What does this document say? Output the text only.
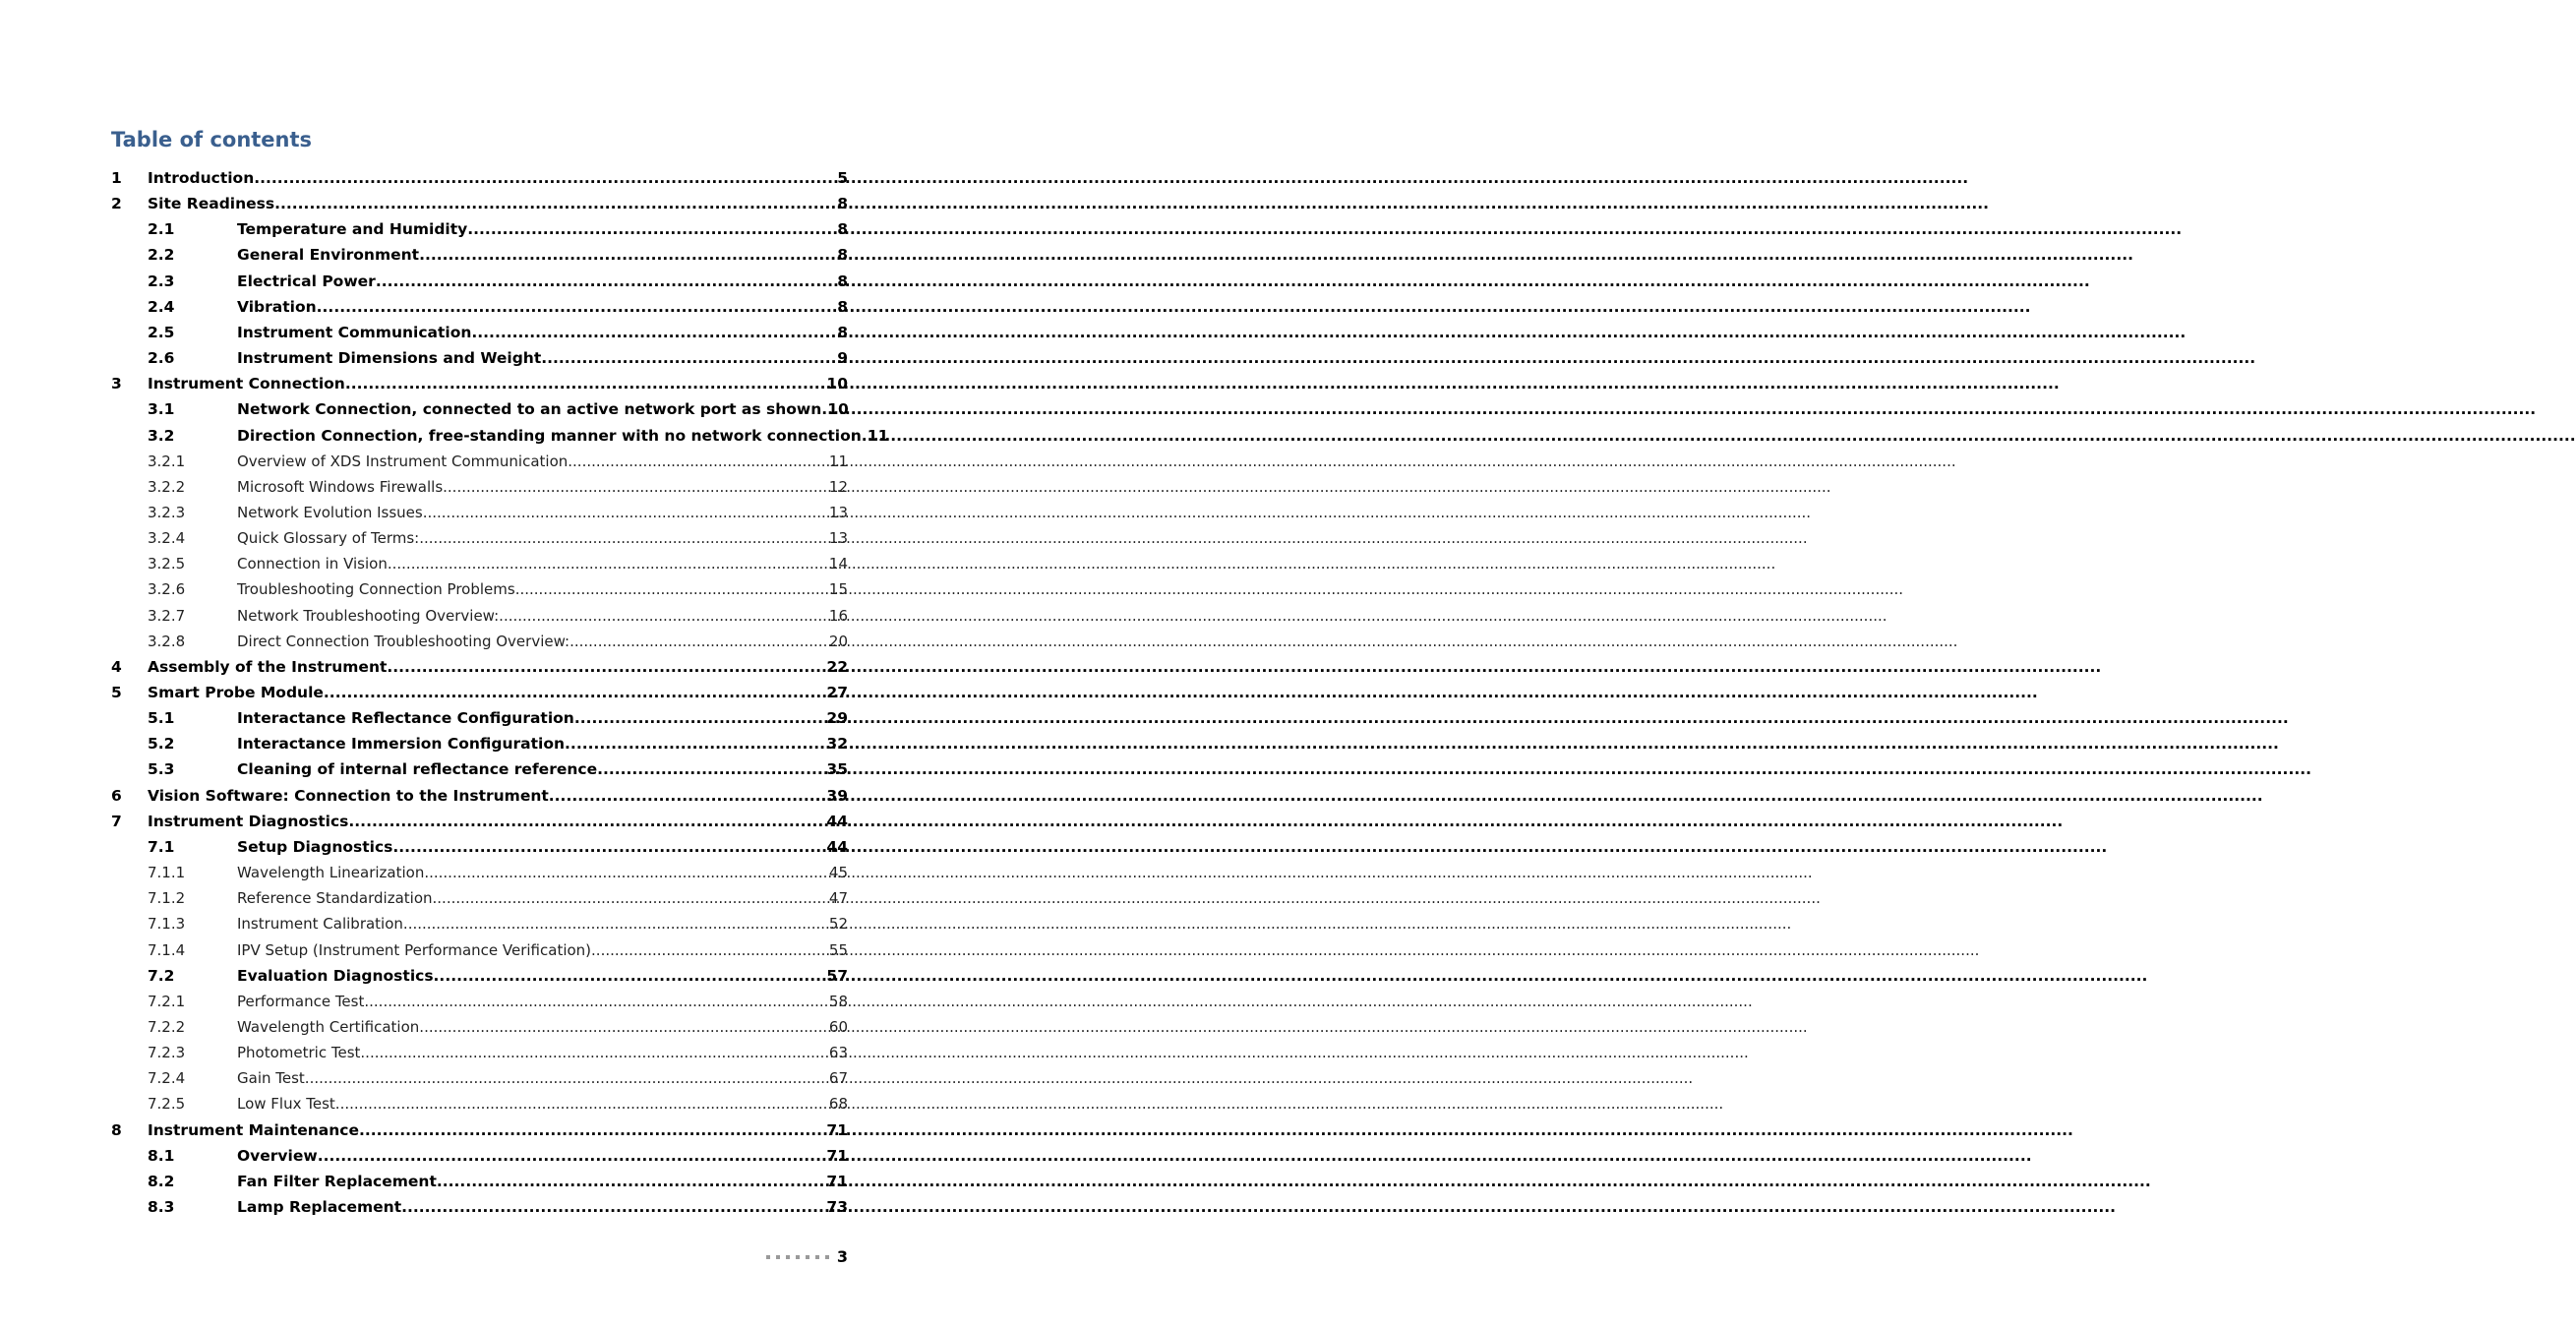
Table of contents
1 Introduction .....	5
2 Site Readiness .....	8
2.1	Temperature and Humidity .....	8
2.2	General Environment .....	8
2.3	Electrical Power .....	8
2.4	Vibration .....	8
2.5	Instrument Communication .....	8
2.6	Instrument Dimensions and Weight .....	9
3 Instrument Connection .....	10
3.1	Network Connection, connected to an active network port as shown ..... 10
3.2	Direction Connection, free-standing manner with no network connection ..... 11
3.2.1	Overview of XDS Instrument Communication .....	11
3.2.2	Microsoft Windows Firewalls .....	12
3.2.3	Network Evolution Issues .....	13
3.2.4	Quick Glossary of Terms: .....	13
3.2.5	Connection in Vision .....	14
3.2.6	Troubleshooting Connection Problems .....	15
3.2.7	Network Troubleshooting Overview: .....	16
3.2.8	Direct Connection Troubleshooting Overview: .....	20
4 Assembly of the Instrument .....	22
5 Smart Probe Module .....	27
5.1	Interactance Reflectance Configuration .....	29
5.2	Interactance Immersion Configuration .....	32
5.3	Cleaning of internal reflectance reference .....	35
6 Vision Software: Connection to the Instrument .....	39
7 Instrument Diagnostics .....	44
7.1	Setup Diagnostics .....	44
7.1.1	Wavelength Linearization .....	45
7.1.2	Reference Standardization .....	47
7.1.3	Instrument Calibration .....	52
7.1.4	IPV Setup (Instrument Performance Verification) .....	55
7.2	Evaluation Diagnostics .....	57
7.2.1	Performance Test .....	58
7.2.2	Wavelength Certification .....	60
7.2.3	Photometric Test .....	63
7.2.4	Gain Test .....	67
7.2.5	Low Flux Test .....	68
8 Instrument Maintenance .....	71
8.1	Overview .....	71
8.2	Fan Filter Replacement .....	71
8.3	Lamp Replacement .....	73
3
